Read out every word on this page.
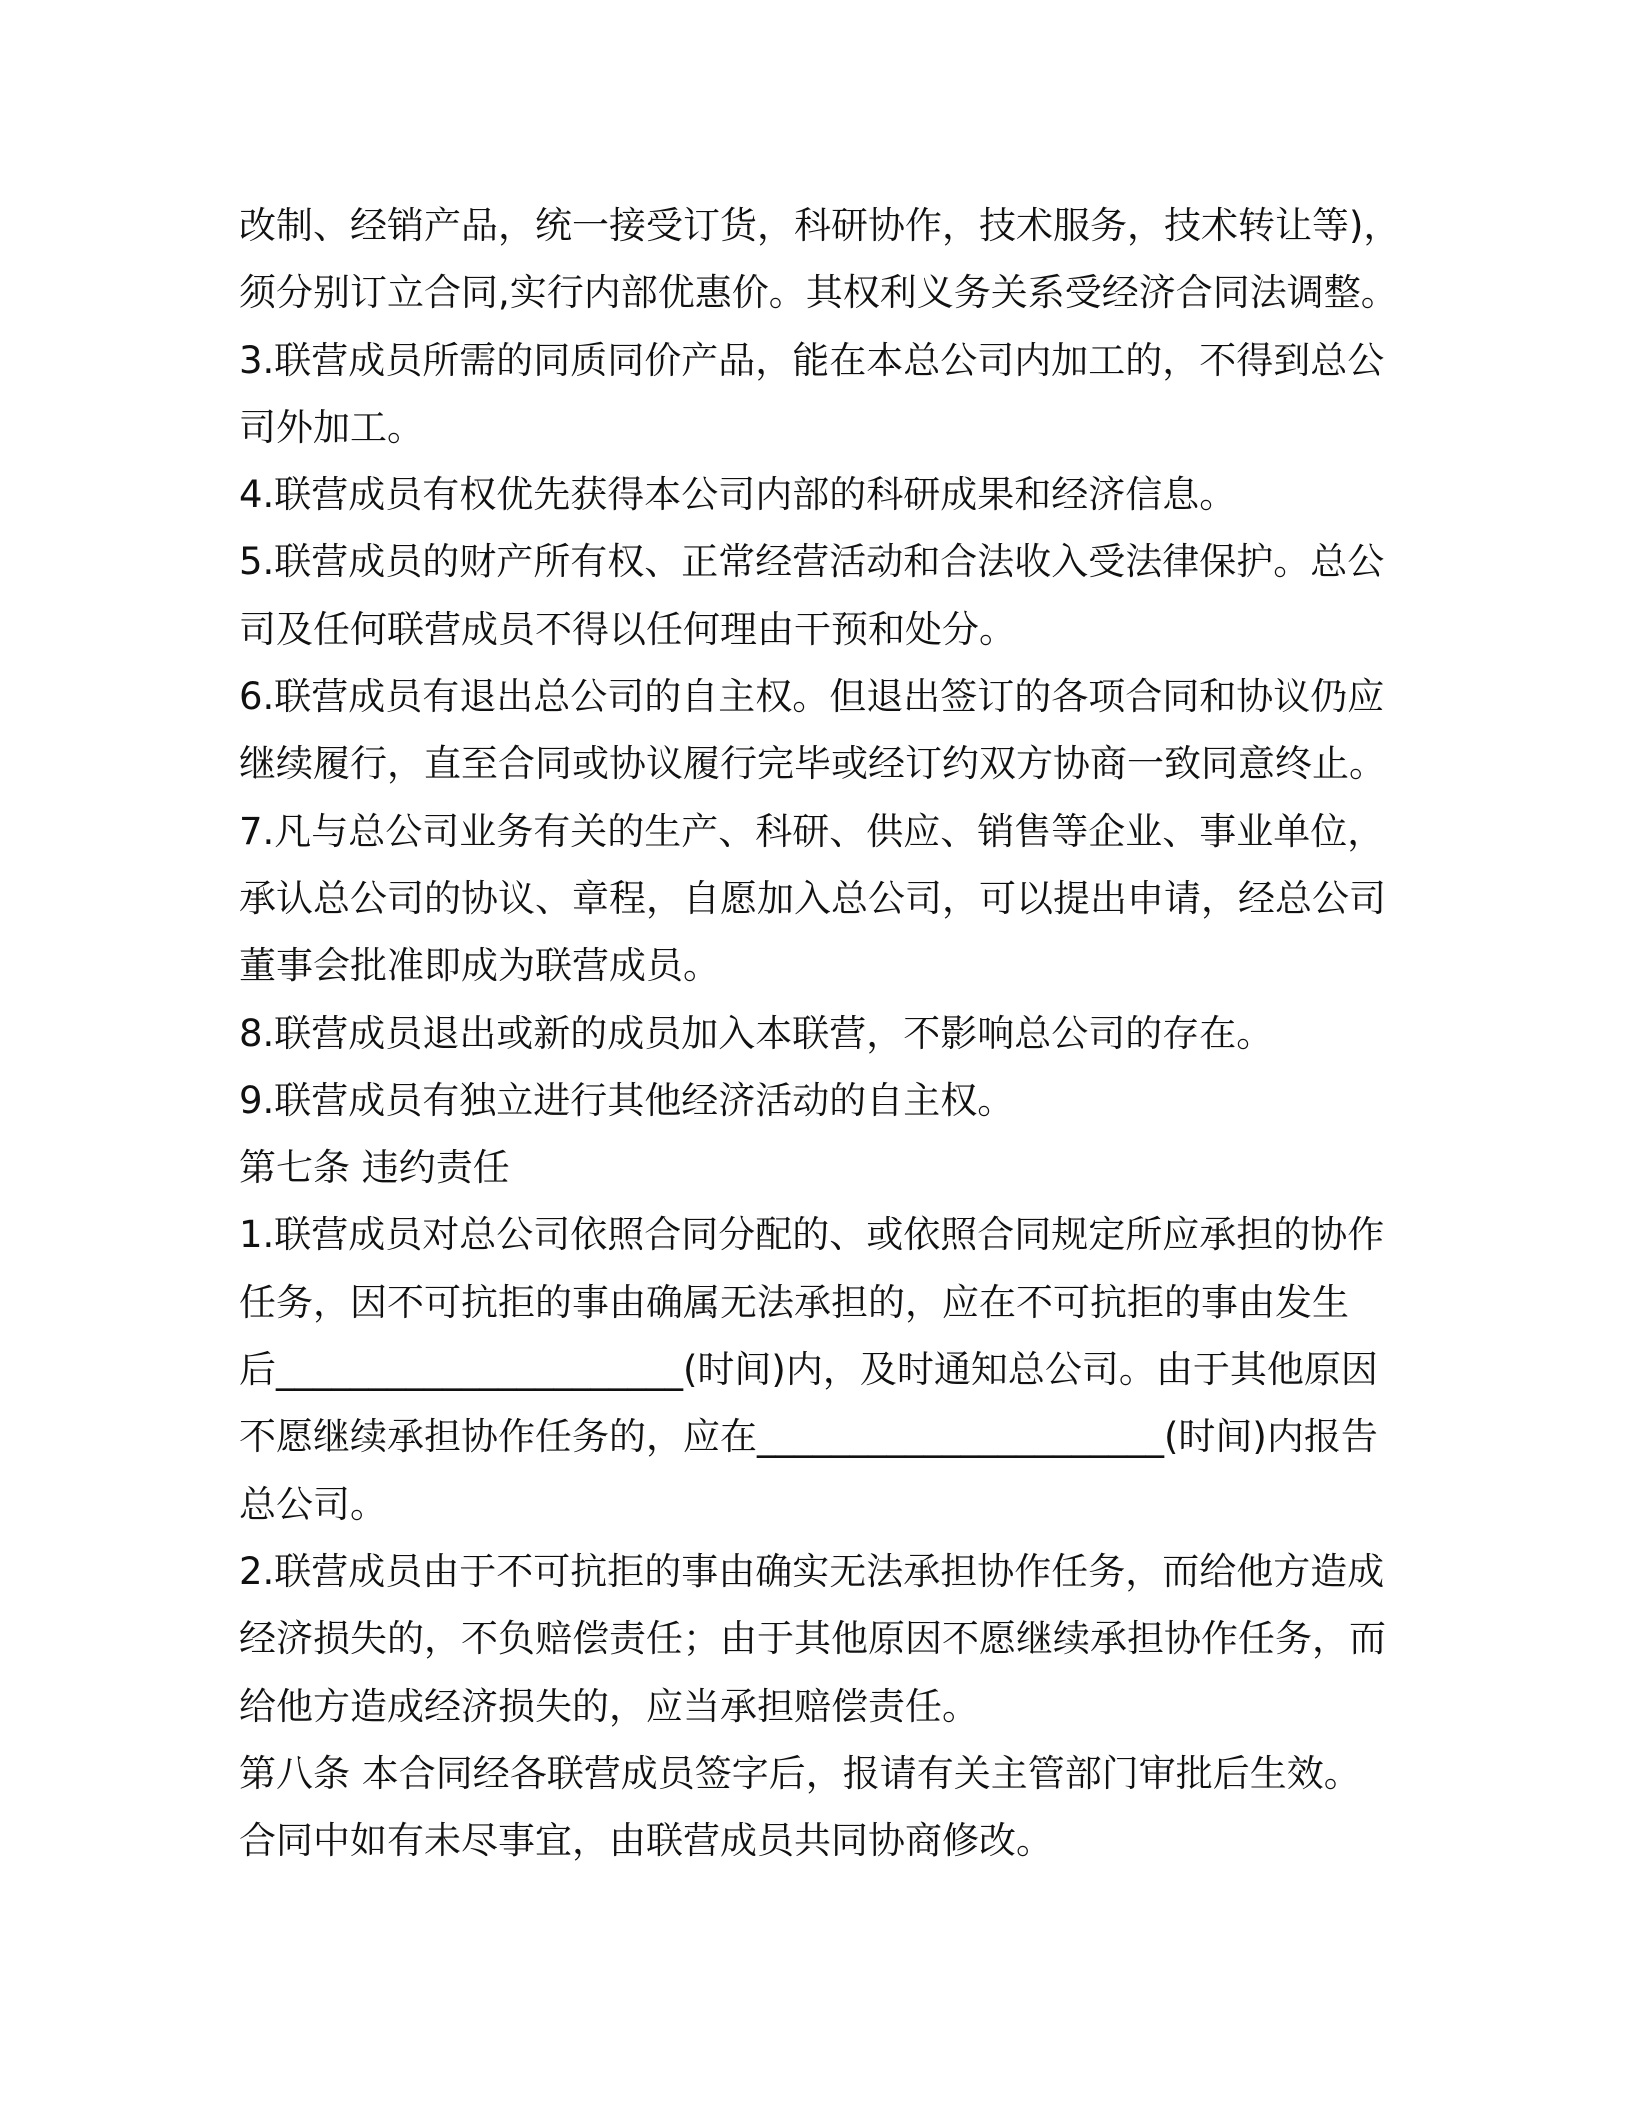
改制、经销产品，统一接受订货，科研协作，技术服务，技术转让等)，
须分别订立合同,实行内部优惠价。其权利义务关系受经济合同法调整。
3.联营成员所需的同质同价产品，能在本总公司内加工的，不得到总公
司外加工。
4.联营成员有权优先获得本公司内部的科研成果和经济信息。
5.联营成员的财产所有权、正常经营活动和合法收入受法律保护。总公
司及任何联营成员不得以任何理由干预和处分。
6.联营成员有退出总公司的自主权。但退出签订的各项合同和协议仍应
继续履行，直至合同或协议履行完毕或经订约双方协商一致同意终止。
7.凡与总公司业务有关的生产、科研、供应、销售等企业、事业单位，
承认总公司的协议、章程，自愿加入总公司，可以提出申请，经总公司
董事会批准即成为联营成员。
8.联营成员退出或新的成员加入本联营，不影响总公司的存在。
9.联营成员有独立进行其他经济活动的自主权。
第七条 违约责任
1.联营成员对总公司依照合同分配的、或依照合同规定所应承担的协作
任务，因不可抗拒的事由确属无法承担的，应在不可抗拒的事由发生
后______________________(时间)内，及时通知总公司。由于其他原因
不愿继续承担协作任务的，应在______________________(时间)内报告
总公司。
2.联营成员由于不可抗拒的事由确实无法承担协作任务，而给他方造成
经济损失的，不负赔偿责任；由于其他原因不愿继续承担协作任务，而
给他方造成经济损失的，应当承担赔偿责任。
第八条 本合同经各联营成员签字后，报请有关主管部门审批后生效。
合同中如有未尽事宜，由联营成员共同协商修改。
